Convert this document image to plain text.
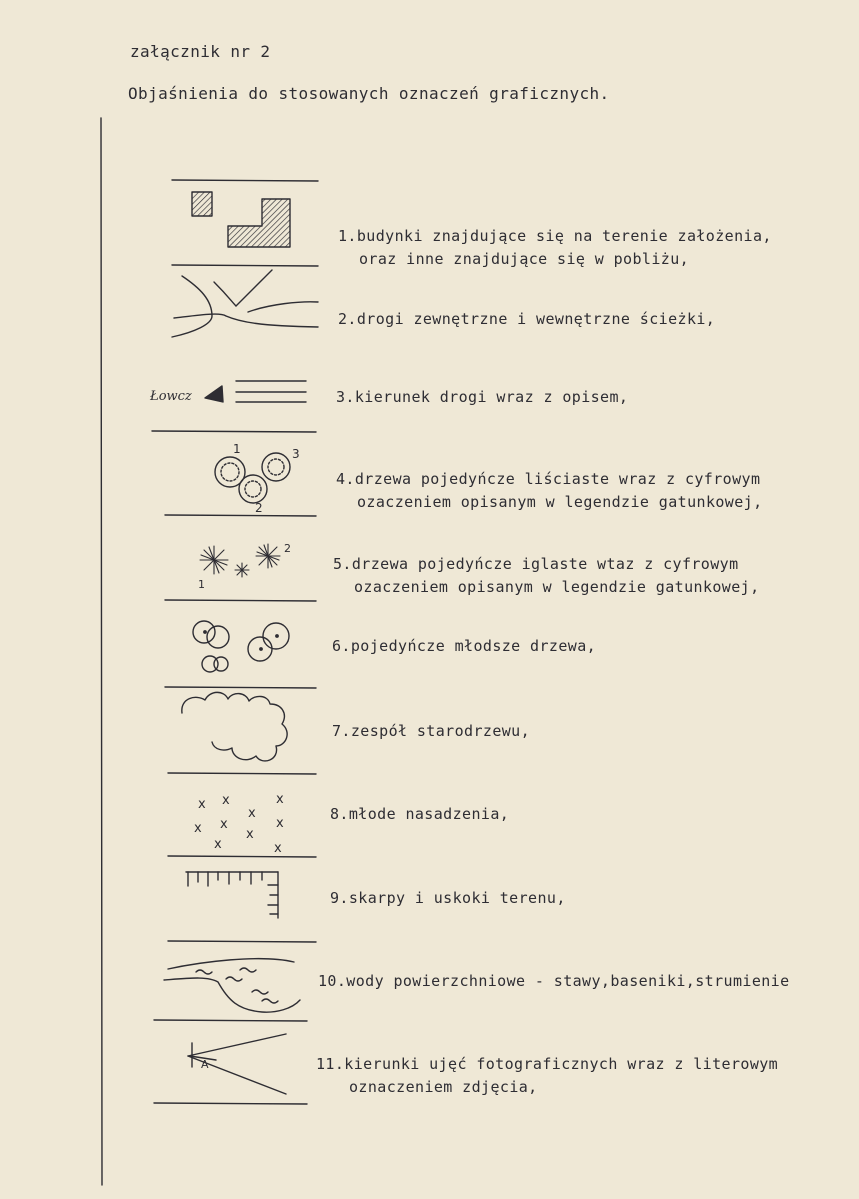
załącznik nr 2
Objaśnienia do stosowanych oznaczeń graficznych.
Łowcz
1
2
3
1
2
x x	x
x
x x	x
x
x	x
A
1.budynki znajdujące się na terenie założenia,
oraz inne znajdujące się w pobliżu,
2.drogi zewnętrzne i wewnętrzne ścieżki,
3.kierunek drogi wraz z opisem,
4.drzewa pojedyńcze liściaste wraz z cyfrowym
ozaczeniem opisanym w legendzie gatunkowej,
5.drzewa pojedyńcze iglaste wtaz z cyfrowym
ozaczeniem opisanym w legendzie gatunkowej,
6.pojedyńcze młodsze drzewa,
7.zespół starodrzewu,
8.młode nasadzenia,
9.skarpy i uskoki terenu,
10.wody powierzchniowe - stawy,baseniki,strumienie
11.kierunki ujęć fotograficznych wraz z literowym
oznaczeniem zdjęcia,
